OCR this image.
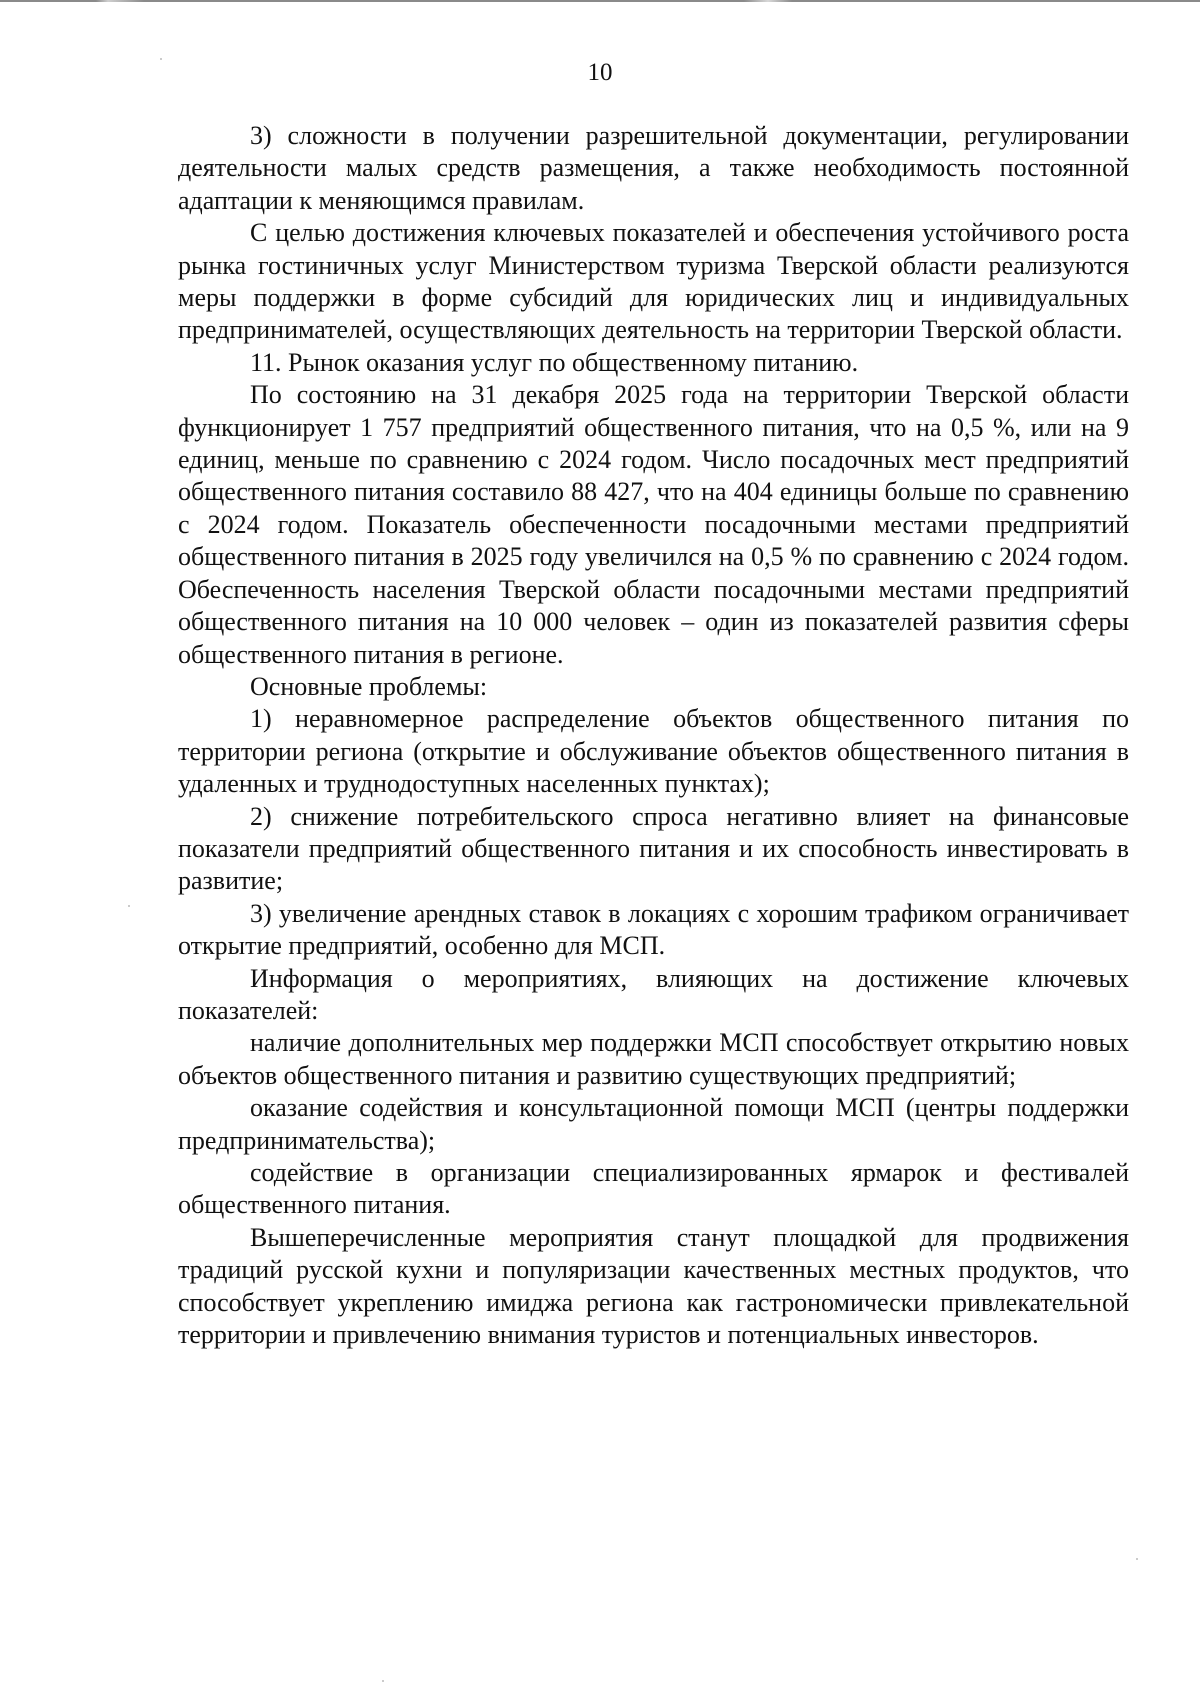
10

3) сложности в получении разрешительной документации, регулировании деятельности малых средств размещения, а также необходимость постоянной адаптации к меняющимся правилам.

С целью достижения ключевых показателей и обеспечения устойчивого роста рынка гостиничных услуг Министерством туризма Тверской области реализуются меры поддержки в форме субсидий для юридических лиц и индивидуальных предпринимателей, осуществляющих деятельность на территории Тверской области.

11. Рынок оказания услуг по общественному питанию.

По состоянию на 31 декабря 2025 года на территории Тверской области функционирует 1 757 предприятий общественного питания, что на 0,5 %, или на 9 единиц, меньше по сравнению с 2024 годом. Число посадочных мест предприятий общественного питания составило 88 427, что на 404 единицы больше по сравнению с 2024 годом. Показатель обеспеченности посадочными местами предприятий общественного питания в 2025 году увеличился на 0,5 % по сравнению с 2024 годом. Обеспеченность населения Тверской области посадочными местами предприятий общественного питания на 10 000 человек – один из показателей развития сферы общественного питания в регионе.

Основные проблемы:

1) неравномерное распределение объектов общественного питания по территории региона (открытие и обслуживание объектов общественного питания в удаленных и труднодоступных населенных пунктах);

2) снижение потребительского спроса негативно влияет на финансовые показатели предприятий общественного питания и их способность инвестировать в развитие;

3) увеличение арендных ставок в локациях с хорошим трафиком ограничивает открытие предприятий, особенно для МСП.

Информация о мероприятиях, влияющих на достижение ключевых показателей:

наличие дополнительных мер поддержки МСП способствует открытию новых объектов общественного питания и развитию существующих предприятий;

оказание содействия и консультационной помощи МСП (центры поддержки предпринимательства);

содействие в организации специализированных ярмарок и фестивалей общественного питания.

Вышеперечисленные мероприятия станут площадкой для продвижения традиций русской кухни и популяризации качественных местных продуктов, что способствует укреплению имиджа региона как гастрономически привлекательной территории и привлечению внимания туристов и потенциальных инвесторов.
